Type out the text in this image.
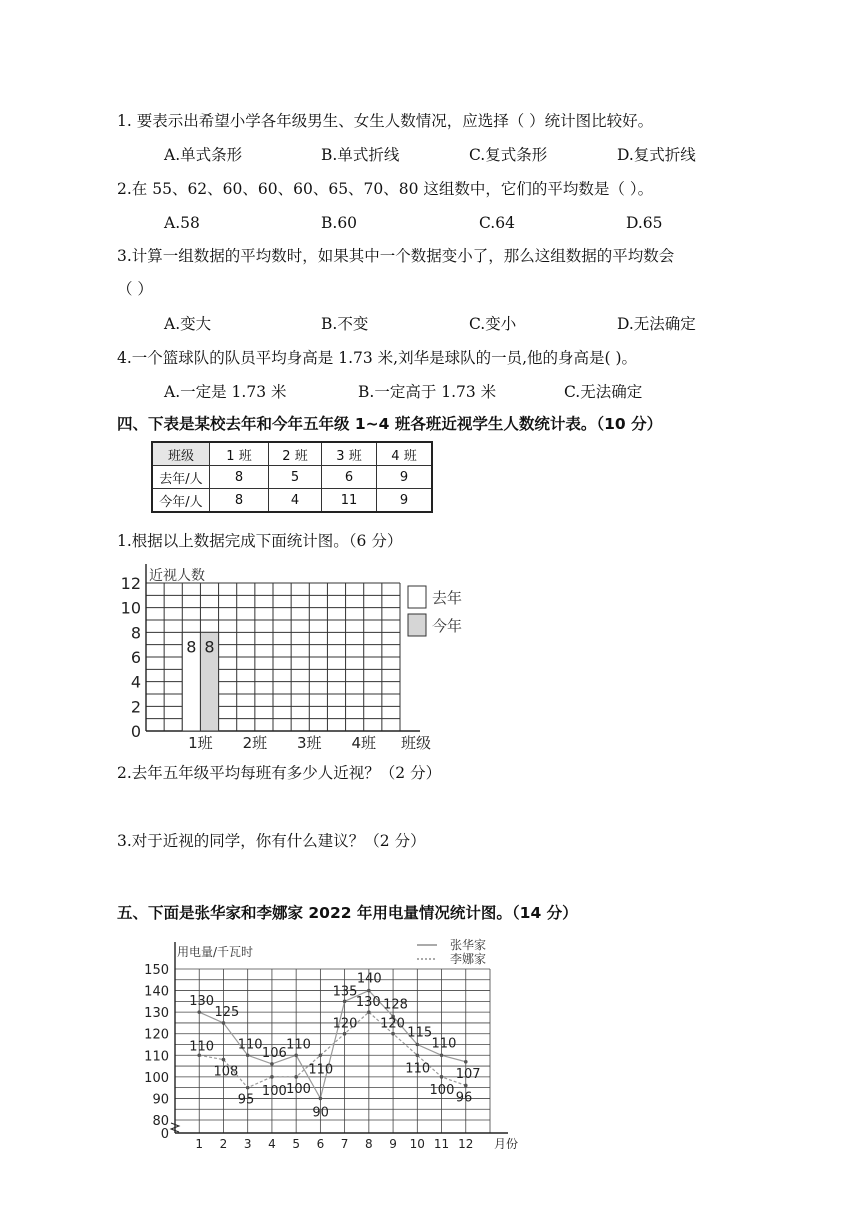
1. 要表示出希望小学各年级男生、女生人数情况，应选择（ ）统计图比较好。
A.单式条形	B.单式折线	C.复式条形	D.复式折线
2.在 55、62、60、60、60、65、70、80 这组数中，它们的平均数是（ ）。
A.58	B.60	C.64	D.65
3.计算一组数据的平均数时，如果其中一个数据变小了，那么这组数据的平均数会
（ ）
A.变大	B.不变	C.变小	D.无法确定
4.一个篮球队的队员平均身高是 1.73 米,刘华是球队的一员,他的身高是( )。
A.一定是 1.73 米	B.一定高于 1.73 米	C.无法确定
四、下表是某校去年和今年五年级 1~4 班各班近视学生人数统计表。（10 分）
班级	1 班	2 班	3 班	4 班
去年/人	8	5	6	9
今年/人	8	4	11	9
1.根据以上数据完成下面统计图。（6 分）
0
2
4
6
8
10
12 近视人数
1班 2班 3班 4班 班级
8 8
去年
今年
2.去年五年级平均每班有多少人近视？（2 分）
3.对于近视的同学，你有什么建议？（2 分）
五、下面是张华家和李娜家 2022 年用电量情况统计图。（14 分）
0
80
90
100
110
120
130
140
150
用电量/千瓦时
1 2 3 4 5 6 7 8 9 10 11 12 月份
张华家
李娜家
130
125
110
106
110
90
135
140
128
115
110
107
110
108
95
100 100
110
120
130
120
110
100
96
